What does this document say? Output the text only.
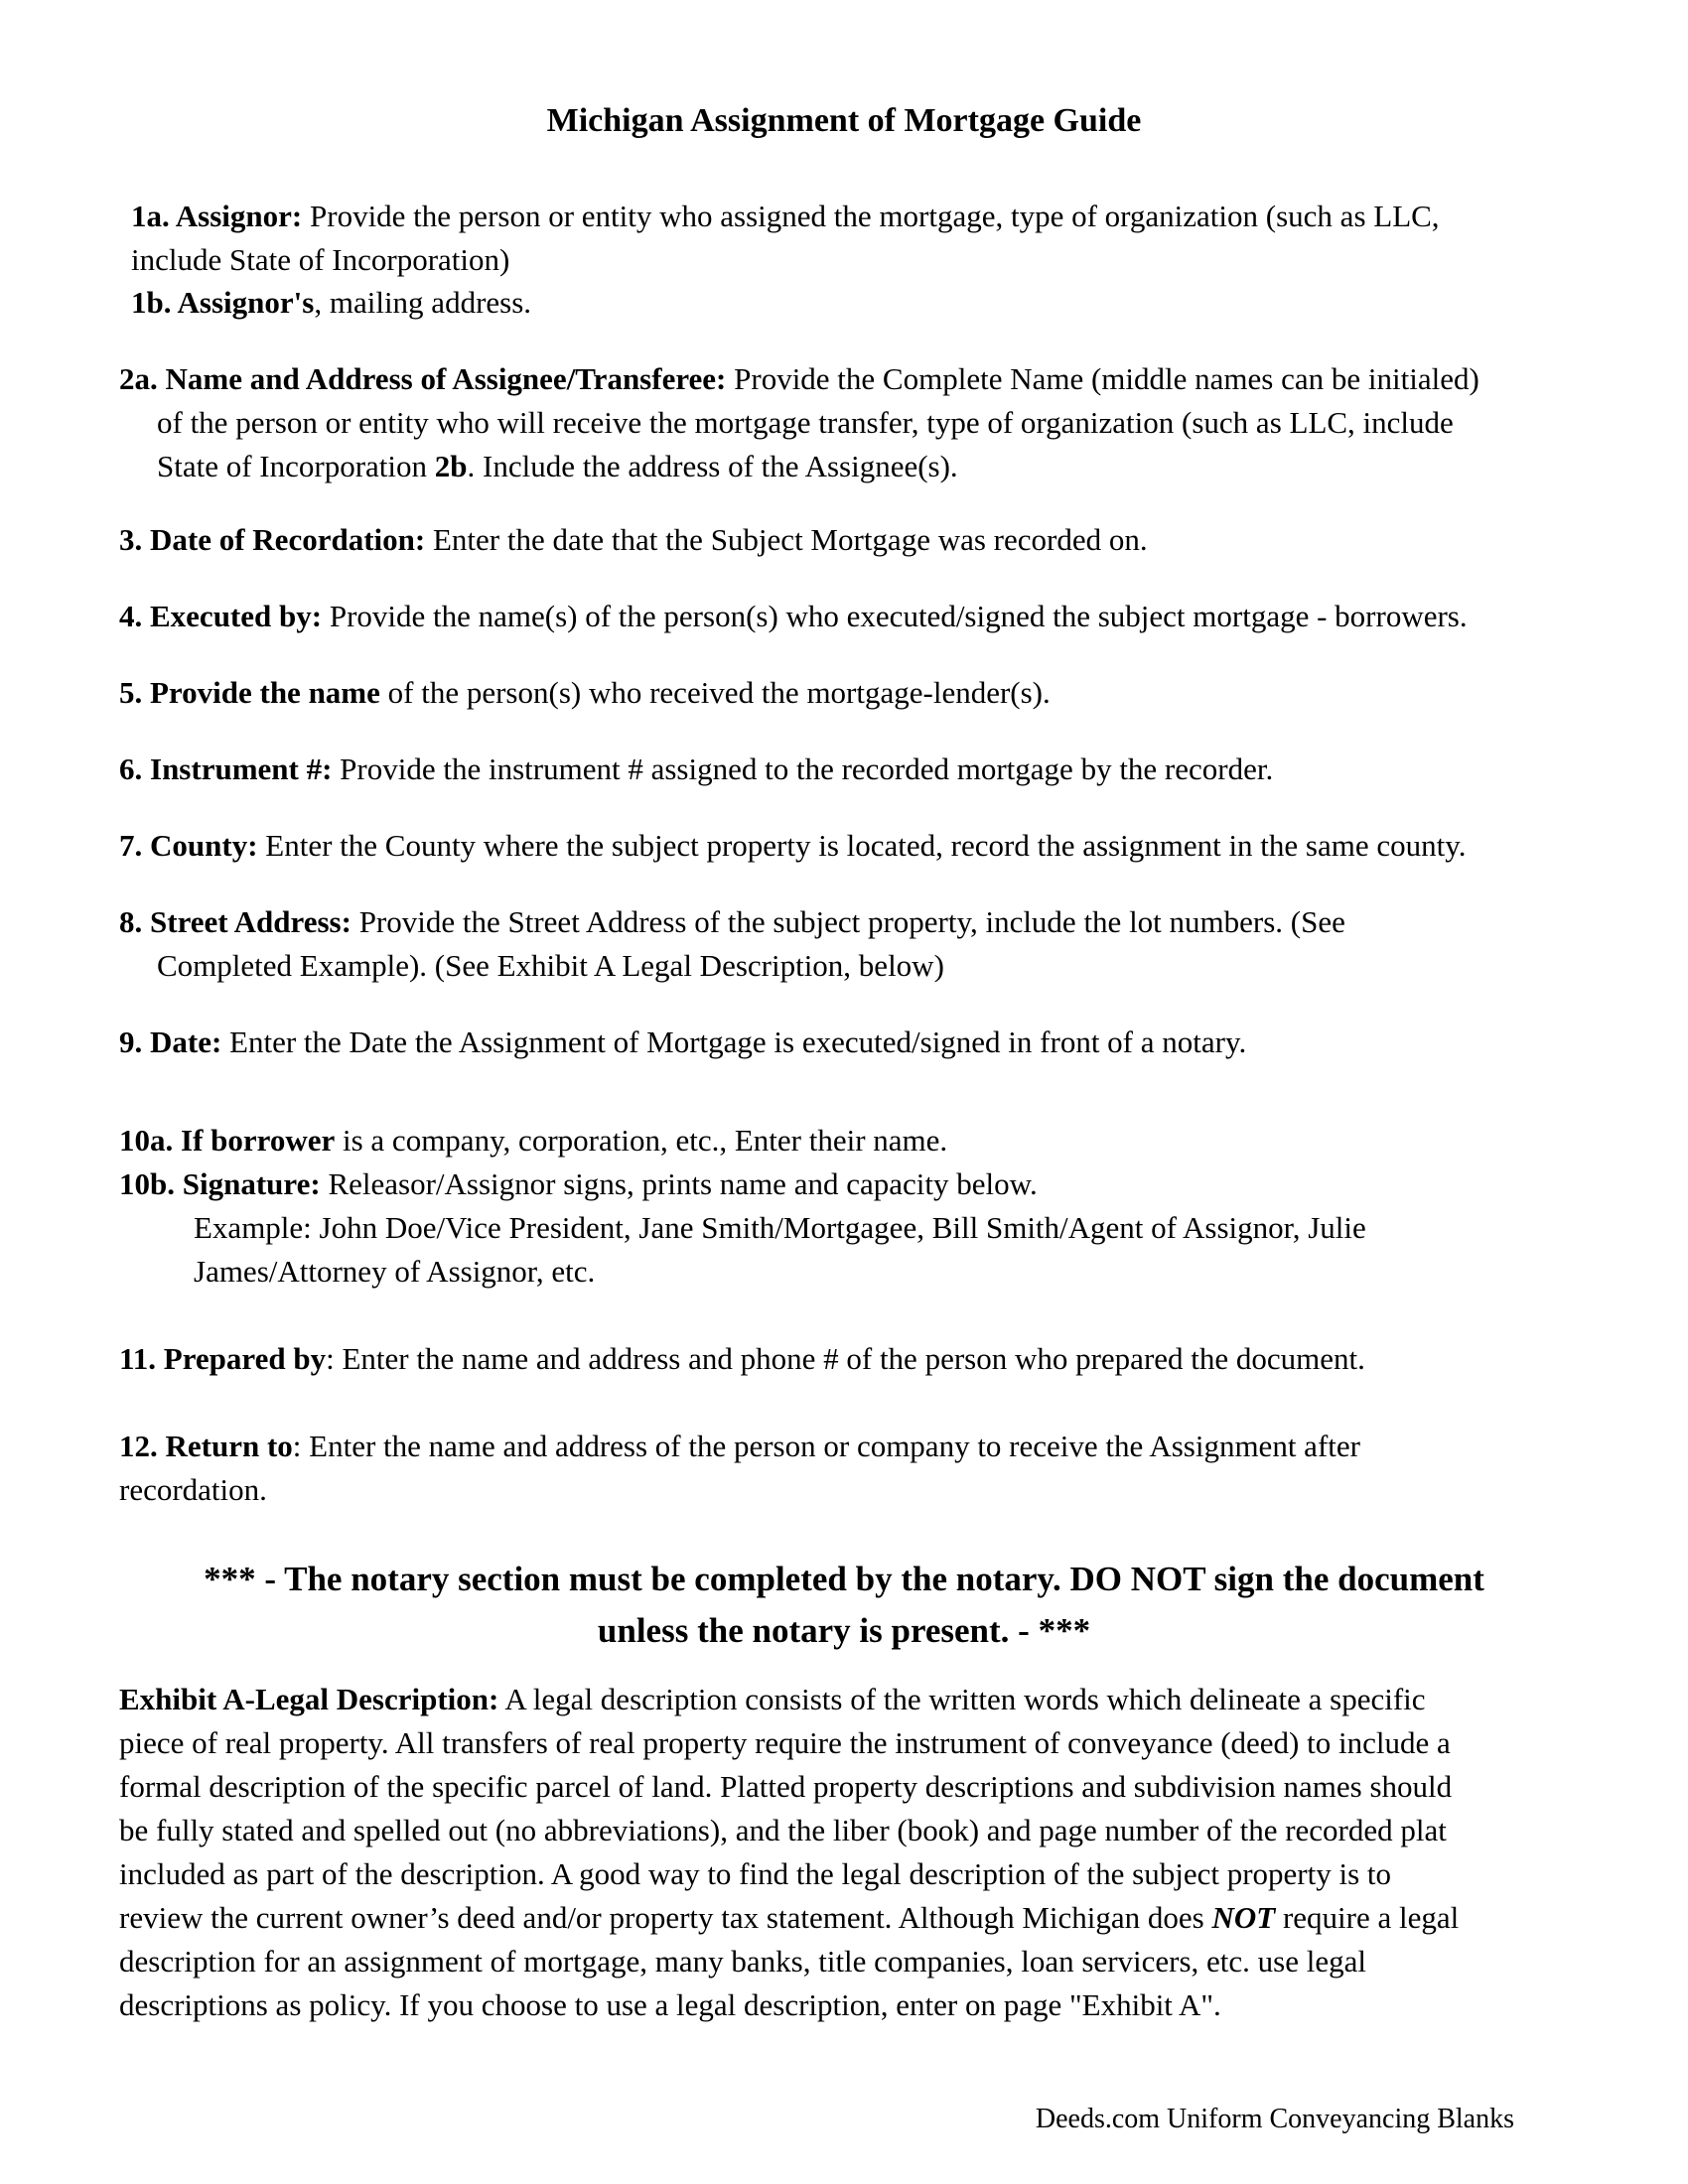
Michigan Assignment of Mortgage Guide

1a. Assignor: Provide the person or entity who assigned the mortgage, type of organization (such as LLC,

include State of Incorporation)

1b. Assignor's, mailing address.

2a. Name and Address of Assignee/Transferee: Provide the Complete Name (middle names can be initialed)

of the person or entity who will receive the mortgage transfer, type of organization (such as LLC, include

State of Incorporation 2b. Include the address of the Assignee(s).

3. Date of Recordation: Enter the date that the Subject Mortgage was recorded on.

4. Executed by: Provide the name(s) of the person(s) who executed/signed the subject mortgage - borrowers.

5. Provide the name of the person(s) who received the mortgage-lender(s).

6. Instrument #: Provide the instrument # assigned to the recorded mortgage by the recorder.

7. County: Enter the County where the subject property is located, record the assignment in the same county.

8. Street Address: Provide the Street Address of the subject property, include the lot numbers. (See

Completed Example). (See Exhibit A Legal Description, below)

9. Date: Enter the Date the Assignment of Mortgage is executed/signed in front of a notary.

10a. If borrower is a company, corporation, etc., Enter their name.

10b. Signature: Releasor/Assignor signs, prints name and capacity below.

Example: John Doe/Vice President, Jane Smith/Mortgagee, Bill Smith/Agent of Assignor, Julie

James/Attorney of Assignor, etc.

11. Prepared by: Enter the name and address and phone # of the person who prepared the document.

12. Return to: Enter the name and address of the person or company to receive the Assignment after

recordation.

*** - The notary section must be completed by the notary. DO NOT sign the document
unless the notary is present. - ***

Exhibit A-Legal Description: A legal description consists of the written words which delineate a specific

piece of real property. All transfers of real property require the instrument of conveyance (deed) to include a

formal description of the specific parcel of land. Platted property descriptions and subdivision names should

be fully stated and spelled out (no abbreviations), and the liber (book) and page number of the recorded plat

included as part of the description. A good way to find the legal description of the subject property is to

review the current owner’s deed and/or property tax statement. Although Michigan does NOT require a legal

description for an assignment of mortgage, many banks, title companies, loan servicers, etc. use legal

descriptions as policy. If you choose to use a legal description, enter on page "Exhibit A".

Deeds.com Uniform Conveyancing Blanks
